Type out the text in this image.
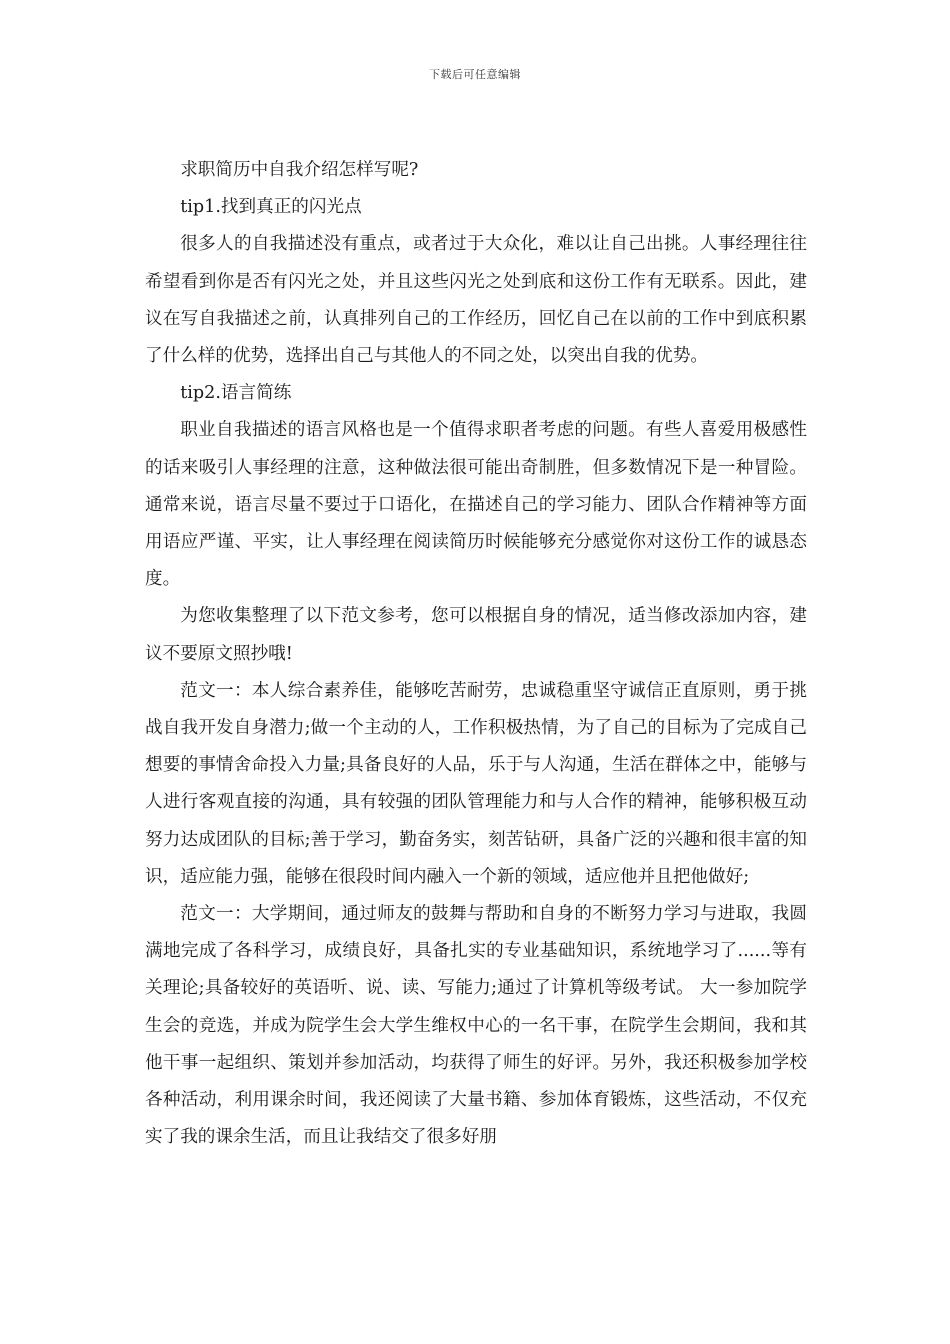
下载后可任意编辑

求职简历中自我介绍怎样写呢?

tip1.找到真正的闪光点

很多人的自我描述没有重点，或者过于大众化，难以让自己出挑。人事经理往往希望看到你是否有闪光之处，并且这些闪光之处到底和这份工作有无联系。因此，建议在写自我描述之前，认真排列自己的工作经历，回忆自己在以前的工作中到底积累了什么样的优势，选择出自己与其他人的不同之处，以突出自我的优势。

tip2.语言简练

职业自我描述的语言风格也是一个值得求职者考虑的问题。有些人喜爱用极感性的话来吸引人事经理的注意，这种做法很可能出奇制胜，但多数情况下是一种冒险。通常来说，语言尽量不要过于口语化，在描述自己的学习能力、团队合作精神等方面用语应严谨、平实，让人事经理在阅读简历时候能够充分感觉你对这份工作的诚恳态度。

为您收集整理了以下范文参考，您可以根据自身的情况，适当修改添加内容，建议不要原文照抄哦!

范文一：本人综合素养佳，能够吃苦耐劳，忠诚稳重坚守诚信正直原则，勇于挑战自我开发自身潜力;做一个主动的人，工作积极热情，为了自己的目标为了完成自己想要的事情舍命投入力量;具备良好的人品，乐于与人沟通，生活在群体之中，能够与人进行客观直接的沟通，具有较强的团队管理能力和与人合作的精神，能够积极互动努力达成团队的目标;善于学习，勤奋务实，刻苦钻研，具备广泛的兴趣和很丰富的知识，适应能力强，能够在很段时间内融入一个新的领域，适应他并且把他做好;

范文一：大学期间，通过师友的鼓舞与帮助和自身的不断努力学习与进取，我圆满地完成了各科学习，成绩良好，具备扎实的专业基础知识，系统地学习了......等有关理论;具备较好的英语听、说、读、写能力;通过了计算机等级考试。 大一参加院学生会的竞选，并成为院学生会大学生维权中心的一名干事，在院学生会期间，我和其他干事一起组织、策划并参加活动，均获得了师生的好评。另外，我还积极参加学校各种活动，利用课余时间，我还阅读了大量书籍、参加体育锻炼，这些活动，不仅充实了我的课余生活，而且让我结交了很多好朋
